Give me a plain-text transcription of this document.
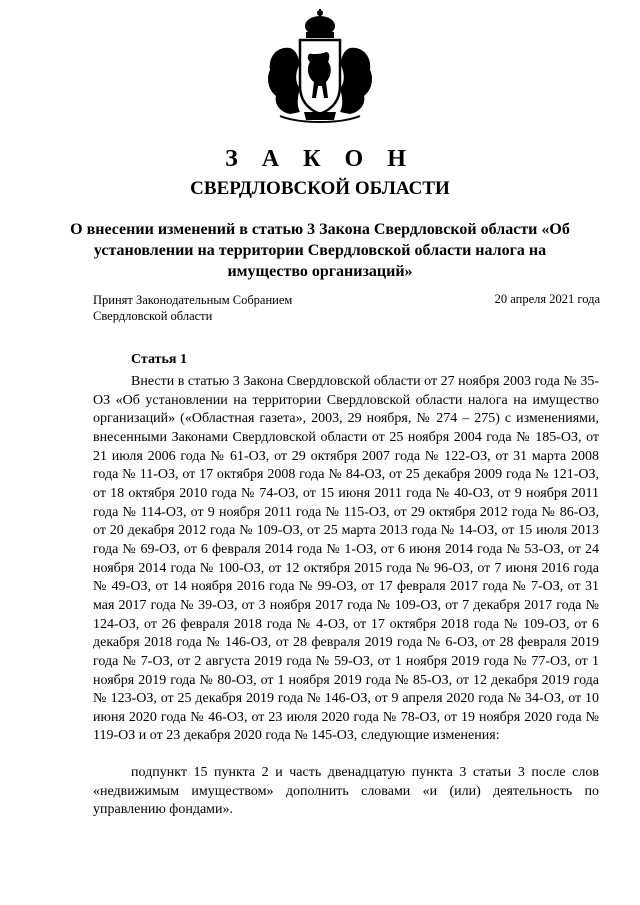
З А К О Н
СВЕРДЛОВСКОЙ ОБЛАСТИ
О внесении изменений в статью 3 Закона Свердловской области «Об установлении на территории Свердловской области налога на имущество организаций»
Принят Законодательным Собранием
Свердловской области
20 апреля 2021 года
Статья 1
Внести в статью 3 Закона Свердловской области от 27 ноября 2003 года № 35-ОЗ «Об установлении на территории Свердловской области налога на имущество организаций» («Областная газета», 2003, 29 ноября, № 274 – 275) с изменениями, внесенными Законами Свердловской области от 25 ноября 2004 года № 185-ОЗ, от 21 июля 2006 года № 61-ОЗ, от 29 октября 2007 года № 122-ОЗ, от 31 марта 2008 года № 11-ОЗ, от 17 октября 2008 года № 84-ОЗ, от 25 декабря 2009 года № 121-ОЗ, от 18 октября 2010 года № 74-ОЗ, от 15 июня 2011 года № 40-ОЗ, от 9 ноября 2011 года № 114-ОЗ, от 9 ноября 2011 года № 115-ОЗ, от 29 октября 2012 года № 86-ОЗ, от 20 декабря 2012 года № 109-ОЗ, от 25 марта 2013 года № 14-ОЗ, от 15 июля 2013 года № 69-ОЗ, от 6 февраля 2014 года № 1-ОЗ, от 6 июня 2014 года № 53-ОЗ, от 24 ноября 2014 года № 100-ОЗ, от 12 октября 2015 года № 96-ОЗ, от 7 июня 2016 года № 49-ОЗ, от 14 ноября 2016 года № 99-ОЗ, от 17 февраля 2017 года № 7-ОЗ, от 31 мая 2017 года № 39-ОЗ, от 3 ноября 2017 года № 109-ОЗ, от 7 декабря 2017 года № 124-ОЗ, от 26 февраля 2018 года № 4-ОЗ, от 17 октября 2018 года № 109-ОЗ, от 6 декабря 2018 года № 146-ОЗ, от 28 февраля 2019 года № 6-ОЗ, от 28 февраля 2019 года № 7-ОЗ, от 2 августа 2019 года № 59-ОЗ, от 1 ноября 2019 года № 77-ОЗ, от 1 ноября 2019 года № 80-ОЗ, от 1 ноября 2019 года № 85-ОЗ, от 12 декабря 2019 года № 123-ОЗ, от 25 декабря 2019 года № 146-ОЗ, от 9 апреля 2020 года № 34-ОЗ, от 10 июня 2020 года № 46-ОЗ, от 23 июля 2020 года № 78-ОЗ, от 19 ноября 2020 года № 119-ОЗ и от 23 декабря 2020 года № 145-ОЗ, следующие изменения:
подпункт 15 пункта 2 и часть двенадцатую пункта 3 статьи 3 после слов «недвижимым имуществом» дополнить словами «и (или) деятельность по управлению фондами».
